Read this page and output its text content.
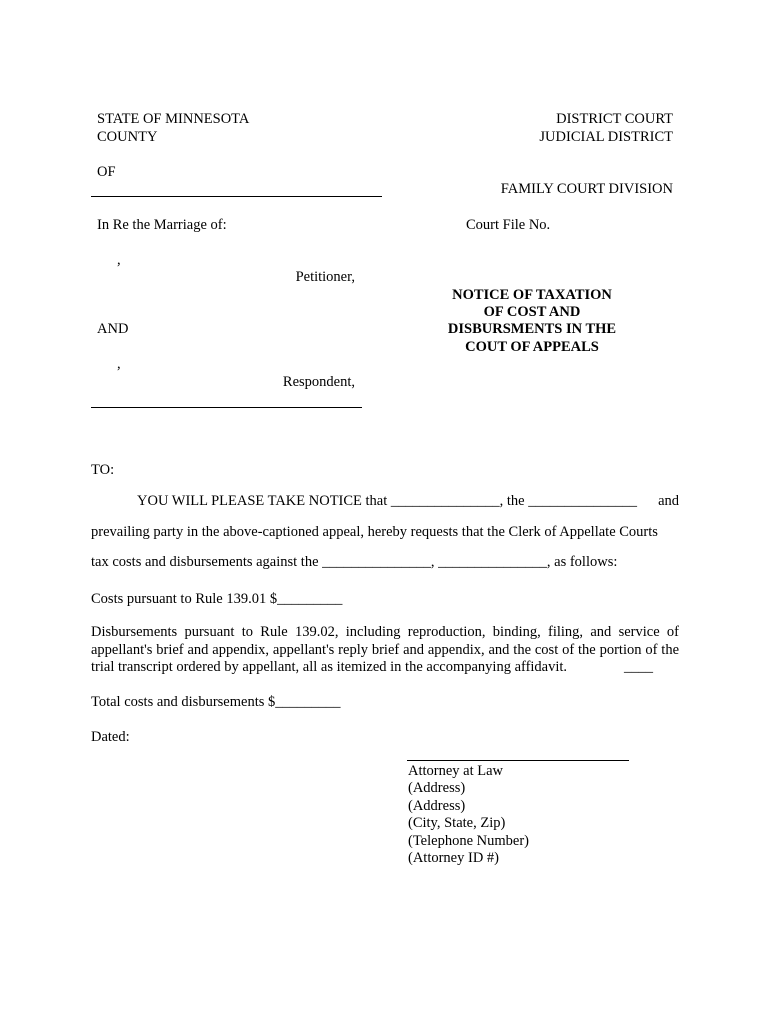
STATE OF MINNESOTA
COUNTY
DISTRICT COURT
JUDICIAL DISTRICT
OF
FAMILY COURT DIVISION
In Re the Marriage of:	Court File No.
,
Petitioner,
NOTICE OF TAXATION
OF COST AND
DISBURSMENTS IN THE
COUT OF APPEALS
AND
,
Respondent,
TO:
YOU WILL PLEASE TAKE NOTICE that _______________, the _______________ and
prevailing party in the above-captioned appeal, hereby requests that the Clerk of Appellate Courts
tax costs and disbursements against the _______________, _______________, as follows:
Costs pursuant to Rule 139.01 $_________
Disbursements pursuant to Rule 139.02, including reproduction, binding, filing, and service of appellant's brief and appendix, appellant's reply brief and appendix, and the cost of the portion of the trial transcript ordered by appellant, all as itemized in the accompanying affidavit.	____
Total costs and disbursements $_________
Dated:
Attorney at Law
(Address)
(Address)
(City, State, Zip)
(Telephone Number)
(Attorney ID #)
